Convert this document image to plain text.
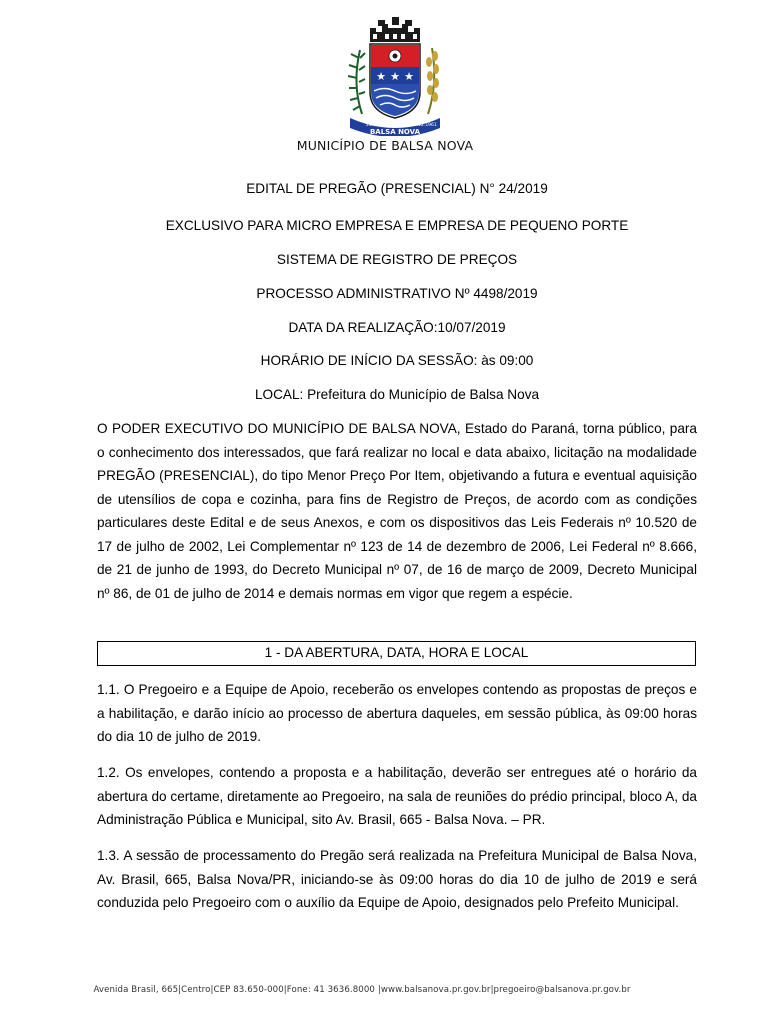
★ ★ ★
25.01.1961	04.12.1961
BALSA NOVA
MUNICÍPIO DE BALSA NOVA
EDITAL DE PREGÃO (PRESENCIAL) N° 24/2019
EXCLUSIVO PARA MICRO EMPRESA E EMPRESA DE PEQUENO PORTE
SISTEMA DE REGISTRO DE PREÇOS
PROCESSO ADMINISTRATIVO Nº 4498/2019
DATA DA REALIZAÇÃO:10/07/2019
HORÁRIO DE INÍCIO DA SESSÃO: às 09:00
LOCAL: Prefeitura do Município de Balsa Nova

O PODER EXECUTIVO DO MUNICÍPIO DE BALSA NOVA, Estado do Paraná, torna público, para o conhecimento dos interessados, que fará realizar no local e data abaixo, licitação na modalidade PREGÃO (PRESENCIAL), do tipo Menor Preço Por Item, objetivando a futura e eventual aquisição de utensílios de copa e cozinha, para fins de Registro de Preços, de acordo com as condições particulares deste Edital e de seus Anexos, e com os dispositivos das Leis Federais nº 10.520 de 17 de julho de 2002, Lei Complementar nº 123 de 14 de dezembro de 2006, Lei Federal nº 8.666, de 21 de junho de 1993, do Decreto Municipal nº 07, de 16 de março de 2009, Decreto Municipal nº 86, de 01 de julho de 2014 e demais normas em vigor que regem a espécie.

1 - DA ABERTURA, DATA, HORA E LOCAL

1.1. O Pregoeiro e a Equipe de Apoio, receberão os envelopes contendo as propostas de preços e a habilitação, e darão início ao processo de abertura daqueles, em sessão pública, às 09:00 horas do dia 10 de julho de 2019.

1.2. Os envelopes, contendo a proposta e a habilitação, deverão ser entregues até o horário da abertura do certame, diretamente ao Pregoeiro, na sala de reuniões do prédio principal, bloco A, da Administração Pública e Municipal, sito Av. Brasil, 665 - Balsa Nova. – PR.

1.3. A sessão de processamento do Pregão será realizada na Prefeitura Municipal de Balsa Nova, Av. Brasil, 665, Balsa Nova/PR, iniciando-se às 09:00 horas do dia 10 de julho de 2019 e será conduzida pelo Pregoeiro com o auxílio da Equipe de Apoio, designados pelo Prefeito Municipal.

Avenida Brasil, 665|Centro|CEP 83.650-000|Fone: 41 3636.8000 |www.balsanova.pr.gov.br|pregoeiro@balsanova.pr.gov.br
